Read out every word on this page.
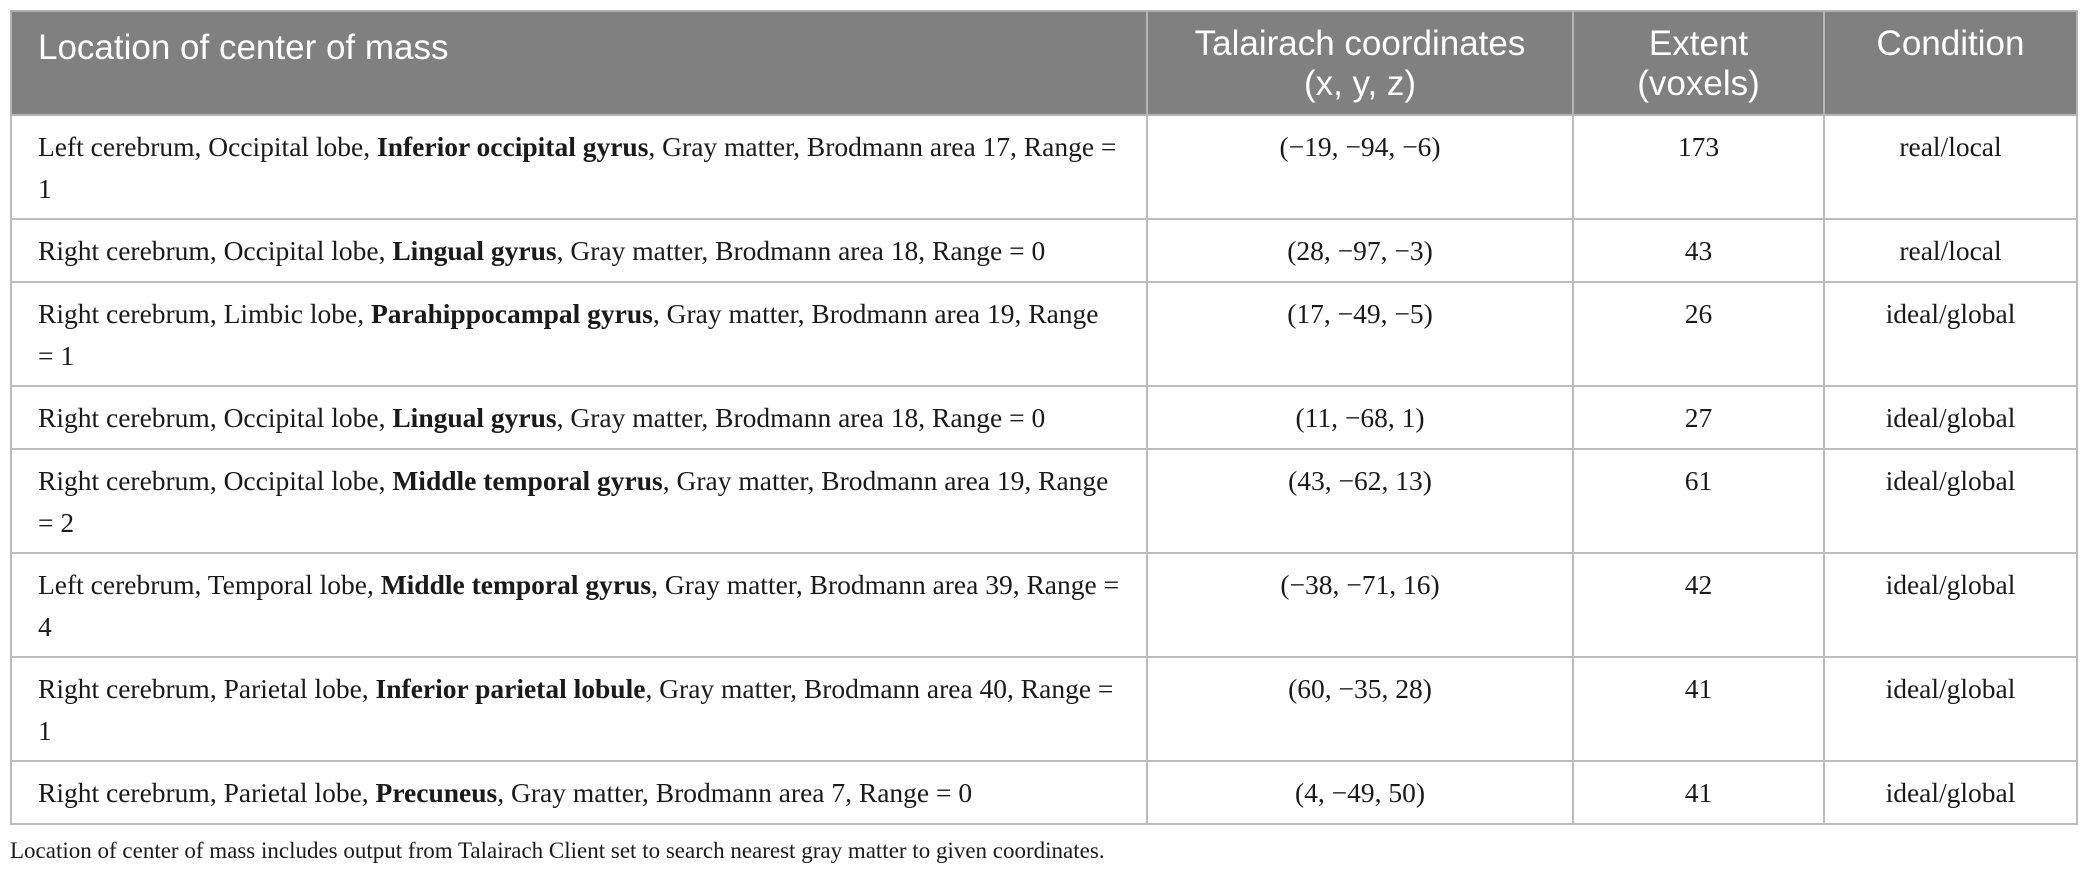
Location of center of mass	Talairach coordinates (x, y, z)	Extent (voxels)	Condition
Left cerebrum, Occipital lobe, Inferior occipital gyrus, Gray matter, Brodmann area 17, Range = 1	(−19, −94, −6)	173	real/local
Right cerebrum, Occipital lobe, Lingual gyrus, Gray matter, Brodmann area 18, Range = 0	(28, −97, −3)	43	real/local
Right cerebrum, Limbic lobe, Parahippocampal gyrus, Gray matter, Brodmann area 19, Range = 1	(17, −49, −5)	26	ideal/global
Right cerebrum, Occipital lobe, Lingual gyrus, Gray matter, Brodmann area 18, Range = 0	(11, −68, 1)	27	ideal/global
Right cerebrum, Occipital lobe, Middle temporal gyrus, Gray matter, Brodmann area 19, Range = 2	(43, −62, 13)	61	ideal/global
Left cerebrum, Temporal lobe, Middle temporal gyrus, Gray matter, Brodmann area 39, Range = 4	(−38, −71, 16)	42	ideal/global
Right cerebrum, Parietal lobe, Inferior parietal lobule, Gray matter, Brodmann area 40, Range = 1	(60, −35, 28)	41	ideal/global
Right cerebrum, Parietal lobe, Precuneus, Gray matter, Brodmann area 7, Range = 0	(4, −49, 50)	41	ideal/global
Location of center of mass includes output from Talairach Client set to search nearest gray matter to given coordinates.
